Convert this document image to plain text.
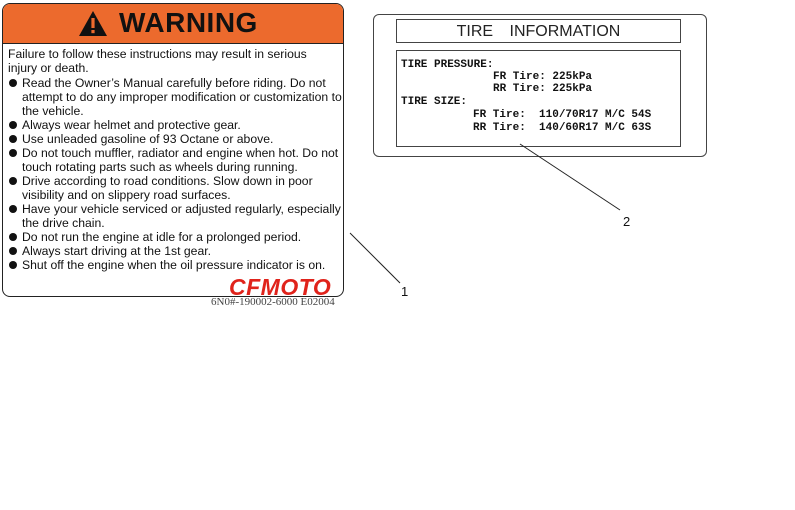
WARNING
Failure to follow these instructions may result in serious injury or death.
Read the Owner’s Manual carefully before riding. Do not attempt to do any improper modification or customization to the vehicle.
Always wear helmet and protective gear.
Use unleaded gasoline of 93 Octane or above.
Do not touch muffler, radiator and engine when hot. Do not touch rotating parts such as wheels during running.
Drive according to road conditions. Slow down in poor visibility and on slippery road surfaces.
Have your vehicle serviced or adjusted regularly, especially the drive chain.
Do not run the engine at idle for a prolonged period.
Always start driving at the 1st gear.
Shut off the engine when the oil pressure indicator is on.
CFMOTO
6N0#-190002-6000 E02004
TIRE INFORMATION
TIRE PRESSURE:
FR Tire: 225kPa
RR Tire: 225kPa
TIRE SIZE:
FR Tire:  110/70R17 M/C 54S
RR Tire:  140/60R17 M/C 63S
1
2
